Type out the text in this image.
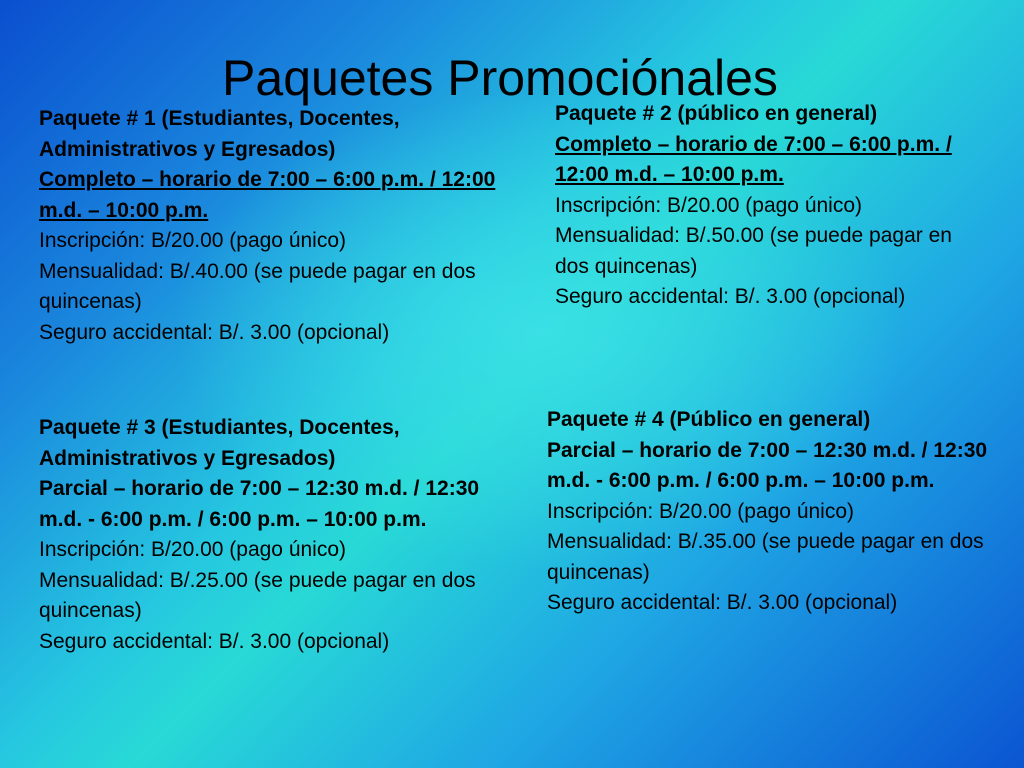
Paquetes Promociónales
Paquete # 1 (Estudiantes, Docentes, Administrativos y Egresados)
Completo – horario de 7:00 – 6:00 p.m. / 12:00 m.d. – 10:00 p.m.
Inscripción: B/20.00 (pago único)
Mensualidad: B/.40.00 (se puede pagar en dos quincenas)
Seguro accidental: B/. 3.00 (opcional)
Paquete # 2 (público en general)
Completo – horario de 7:00 – 6:00 p.m. / 12:00 m.d. – 10:00 p.m.
Inscripción: B/20.00 (pago único)
Mensualidad: B/.50.00 (se puede pagar en dos quincenas)
Seguro accidental: B/. 3.00 (opcional)
Paquete # 3 (Estudiantes, Docentes, Administrativos y Egresados)
Parcial – horario de 7:00 – 12:30 m.d. / 12:30 m.d. - 6:00 p.m. / 6:00 p.m. – 10:00 p.m.
Inscripción: B/20.00 (pago único)
Mensualidad: B/.25.00 (se puede pagar en dos quincenas)
Seguro accidental: B/. 3.00 (opcional)
Paquete # 4 (Público en general)
Parcial – horario de 7:00 – 12:30 m.d. / 12:30 m.d. - 6:00 p.m. / 6:00 p.m. – 10:00 p.m.
Inscripción: B/20.00 (pago único)
Mensualidad: B/.35.00 (se puede pagar en dos quincenas)
Seguro accidental: B/. 3.00 (opcional)
